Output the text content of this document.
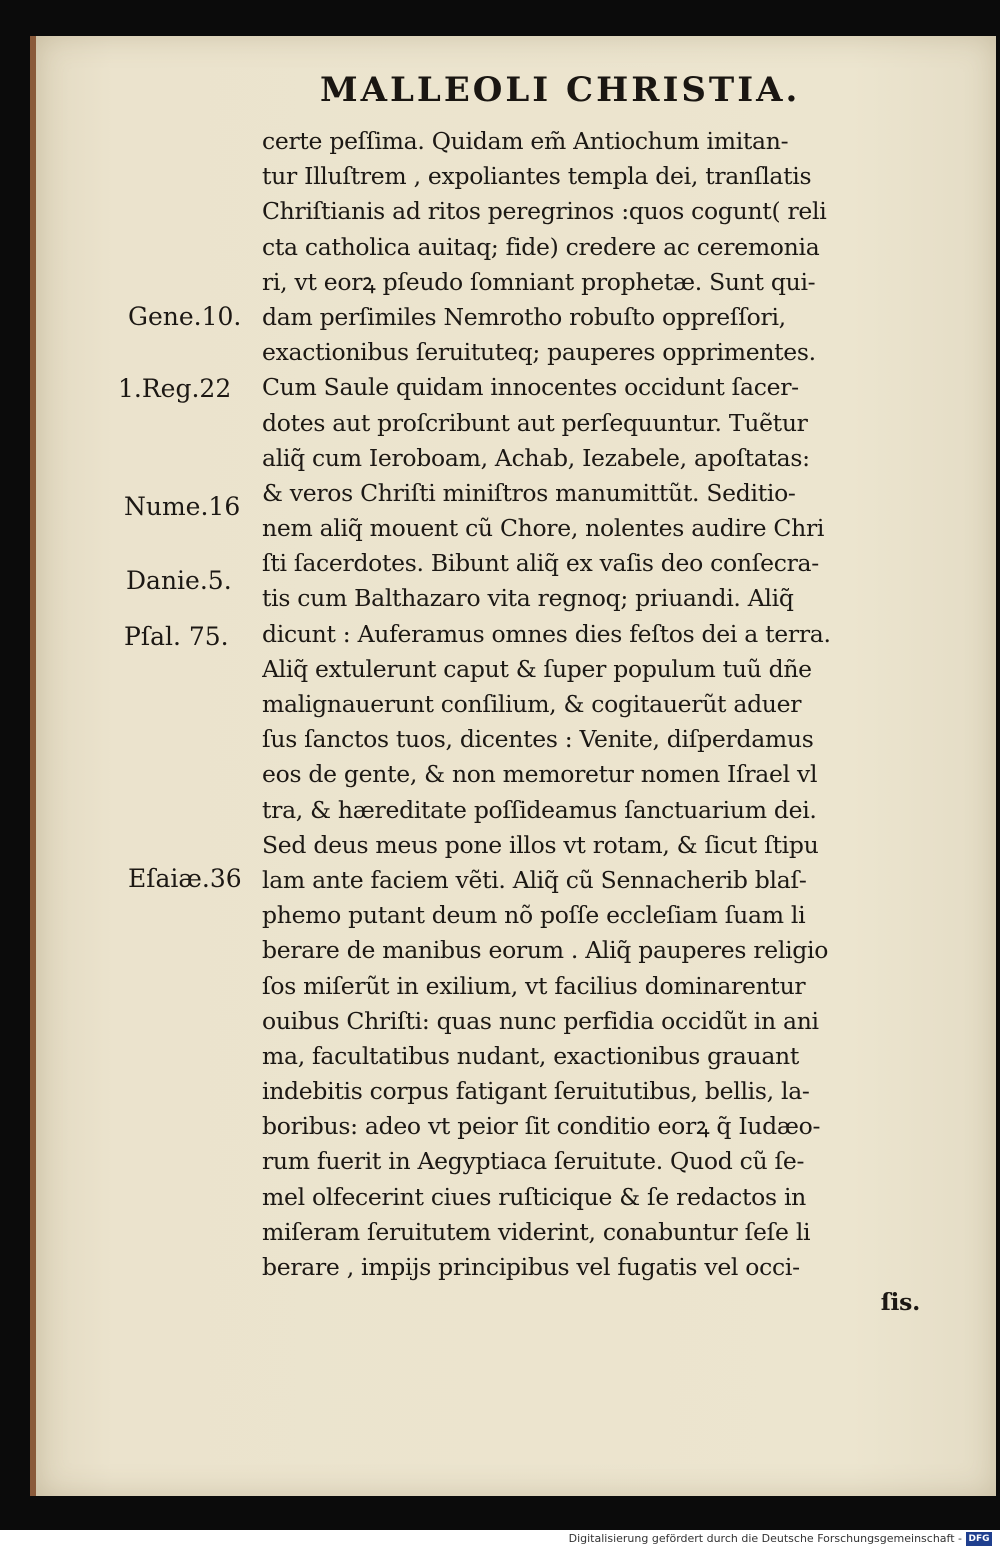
MALLEOLI CHRISTIA.
Gene.10.
1.Reg.22
Nume.16
Danie.5.
Pſal. 75.
Eſaiæ.36
certe peſſima. Quidam em̃ Antiochum imitan-
tur Illuſtrem , expoliantes templa dei, tranſlatis
Chriſtianis ad ritos peregrinos :quos cogunt( reli
cta catholica auitaq; fide) credere ac ceremonia
ri, vt eorꝝ pſeudo ſomniant prophetæ. Sunt qui-
dam perſimiles Nemrotho robuſto oppreſſori,
exactionibus ſeruituteq; pauperes opprimentes.
Cum Saule quidam innocentes occidunt ſacer-
dotes aut proſcribunt aut perſequuntur. Tuẽtur
aliq̃ cum Ieroboam, Achab, Iezabele, apoſtatas:
& veros Chriſti miniſtros manumittũt. Seditio-
nem aliq̃ mouent cũ Chore, nolentes audire Chri
ſti ſacerdotes. Bibunt aliq̃ ex vaſis deo conſecra-
tis cum Balthazaro vita regnoq; priuandi. Aliq̃
dicunt : Auferamus omnes dies feſtos dei a terra.
Aliq̃ extulerunt caput & ſuper populum tuũ dñe
malignauerunt conſilium, & cogitauerũt aduer
ſus ſanctos tuos, dicentes : Venite, diſperdamus
eos de gente, & non memoretur nomen Iſrael vl
tra, & hæreditate poſſideamus ſanctuarium dei.
Sed deus meus pone illos vt rotam, & ſicut ſtipu
lam ante faciem vẽti. Aliq̃ cũ Sennacherib blaſ-
phemo putant deum nõ poſſe eccleſiam ſuam li
berare de manibus eorum . Aliq̃ pauperes religio
ſos miſerũt in exilium, vt facilius dominarentur
ouibus Chriſti: quas nunc perfidia occidũt in ani
ma, facultatibus nudant, exactionibus grauant
indebitis corpus fatigant ſeruitutibus, bellis, la-
boribus: adeo vt peior ſit conditio eorꝝ q̃ Iudæo-
rum fuerit in Aegyptiaca ſeruitute. Quod cũ ſe-
mel olfecerint ciues ruſticique & ſe redactos in
miſeram ſeruitutem viderint, conabuntur ſeſe li
berare , impijs principibus vel fugatis vel occi-
ſis.
Digitalisierung gefördert durch die Deutsche Forschungsgemeinschaft - DFG
